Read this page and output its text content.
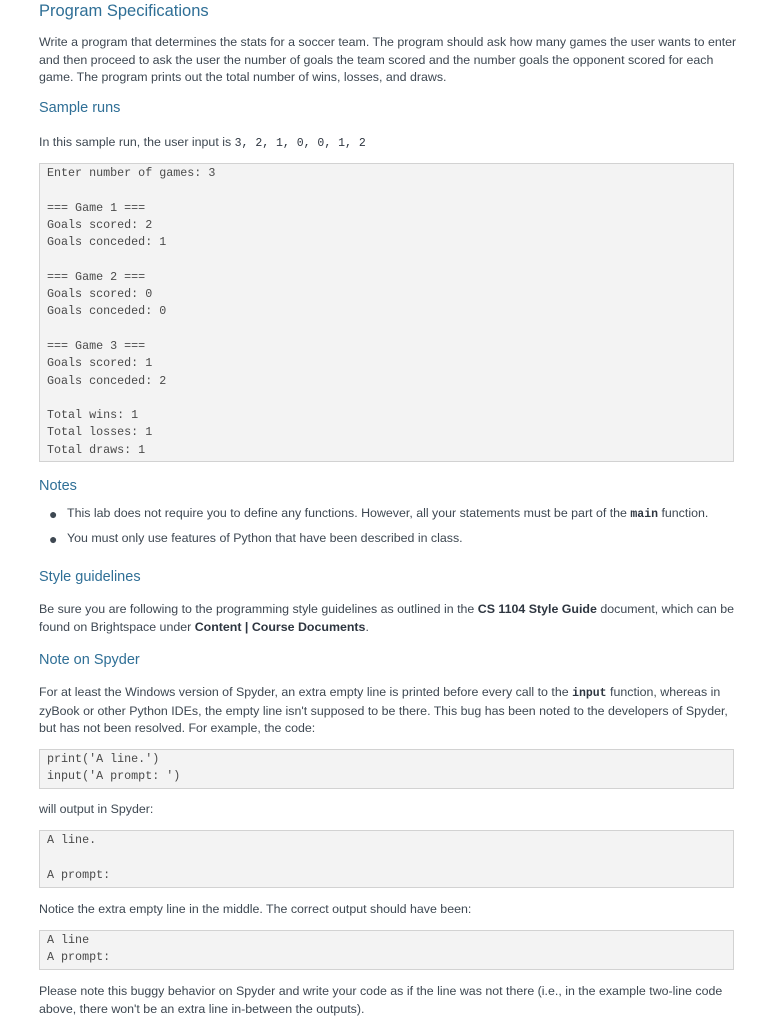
Program Specifications

Write a program that determines the stats for a soccer team. The program should ask how many games the user wants to enter and then proceed to ask the user the number of goals the team scored and the number goals the opponent scored for each game. The program prints out the total number of wins, losses, and draws.

Sample runs

In this sample run, the user input is 3, 2, 1, 0, 0, 1, 2

Enter number of games: 3
=== Game 1 ===
Goals scored: 2
Goals conceded: 1
=== Game 2 ===
Goals scored: 0
Goals conceded: 0
=== Game 3 ===
Goals scored: 1
Goals conceded: 2
Total wins: 1
Total losses: 1
Total draws: 1
Notes
● This lab does not require you to define any functions. However, all your statements must be part of the main function.
● You must only use features of Python that have been described in class.
Style guidelines

Be sure you are following to the programming style guidelines as outlined in the CS 1104 Style Guide document, which can be found on Brightspace under Content | Course Documents.

Note on Spyder

For at least the Windows version of Spyder, an extra empty line is printed before every call to the input function, whereas in zyBook or other Python IDEs, the empty line isn't supposed to be there. This bug has been noted to the developers of Spyder, but has not been resolved. For example, the code:

print('A line.')
input('A prompt: ')

will output in Spyder:

A line.
A prompt:

Notice the extra empty line in the middle. The correct output should have been:

A line
A prompt:

Please note this buggy behavior on Spyder and write your code as if the line was not there (i.e., in the example two-line code above, there won't be an extra line in-between the outputs).
